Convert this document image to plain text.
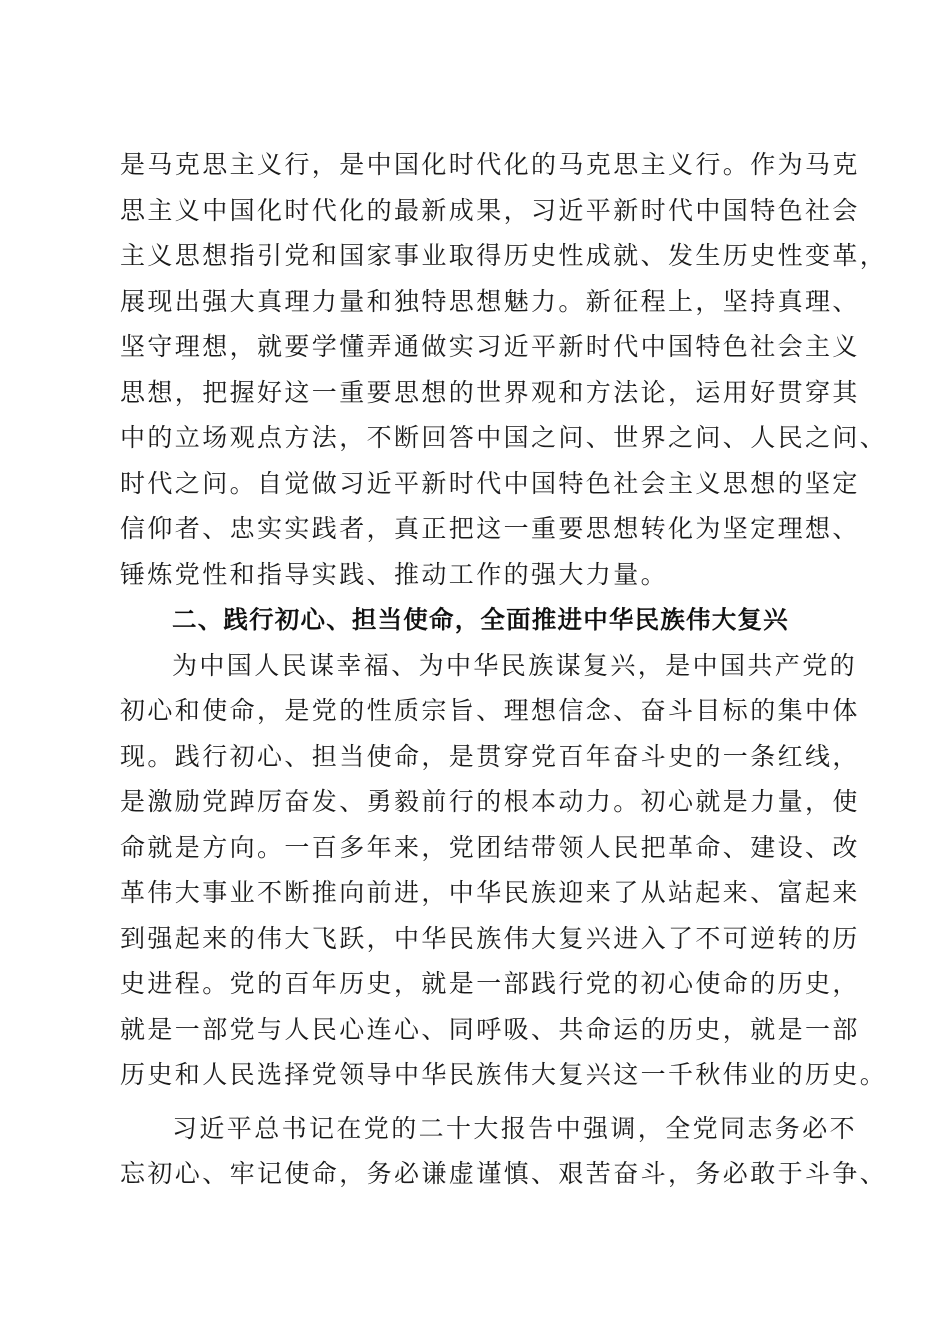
是马克思主义行，是中国化时代化的马克思主义行。作为马克
思主义中国化时代化的最新成果，习近平新时代中国特色社会
主义思想指引党和国家事业取得历史性成就、发生历史性变革，
展现出强大真理力量和独特思想魅力。新征程上，坚持真理、
坚守理想，就要学懂弄通做实习近平新时代中国特色社会主义
思想，把握好这一重要思想的世界观和方法论，运用好贯穿其
中的立场观点方法，不断回答中国之问、世界之问、人民之问、
时代之问。自觉做习近平新时代中国特色社会主义思想的坚定
信仰者、忠实实践者，真正把这一重要思想转化为坚定理想、
锤炼党性和指导实践、推动工作的强大力量。
二、践行初心、担当使命，全面推进中华民族伟大复兴
为中国人民谋幸福、为中华民族谋复兴，是中国共产党的
初心和使命，是党的性质宗旨、理想信念、奋斗目标的集中体
现。践行初心、担当使命，是贯穿党百年奋斗史的一条红线，
是激励党踔厉奋发、勇毅前行的根本动力。初心就是力量，使
命就是方向。一百多年来，党团结带领人民把革命、建设、改
革伟大事业不断推向前进，中华民族迎来了从站起来、富起来
到强起来的伟大飞跃，中华民族伟大复兴进入了不可逆转的历
史进程。党的百年历史，就是一部践行党的初心使命的历史，
就是一部党与人民心连心、同呼吸、共命运的历史，就是一部
历史和人民选择党领导中华民族伟大复兴这一千秋伟业的历史。
习近平总书记在党的二十大报告中强调，全党同志务必不
忘初心、牢记使命，务必谦虚谨慎、艰苦奋斗，务必敢于斗争、
